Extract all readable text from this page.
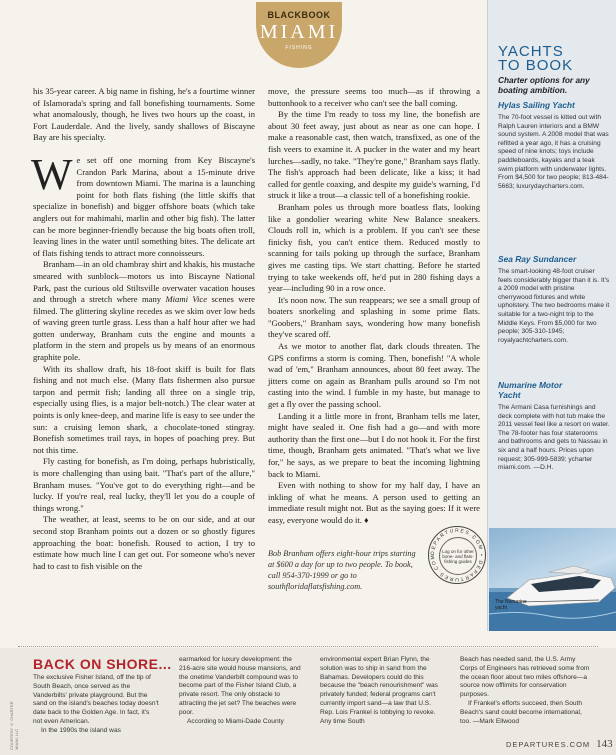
BLACKBOOK
MIAMI
FISHING

his 35-year career. A big name in fishing, he's a fourtime winner of Islamorada's spring and fall bonefishing tournaments. Some what anomalously, though, he lives two hours up the coast, in Fort Lauderdale. And the lively, sandy shallows of Biscayne Bay are his specialty.

We set off one morning from Key Biscayne's Crandon Park Marina, about a 15-minute drive from downtown Miami. The marina is a launching point for both flats fishing (the little skiffs that specialize in bonefish) and bigger offshore boats (which take anglers out for mahimahi, marlin and other big fish). The latter can be more beginner-friendly because the big boats often troll, leaving lines in the water until something bites. The delicate art of flats fishing tends to attract more connoisseurs.

Branham—in an old chambray shirt and khakis, his mustache smeared with sunblock—motors us into Biscayne National Park, past the curious old Stiltsville overwater vacation houses and through a stretch where many Miami Vice scenes were filmed. The glittering skyline recedes as we skim over low beds of waving green turtle grass. Less than a half hour after we had gotten underway, Branham cuts the engine and mounts a platform in the stern and propels us by means of an enormous graphite pole.

With its shallow draft, his 18-foot skiff is built for flats fishing and not much else. (Many flats fishermen also pursue tarpon and permit fish; landing all three on a single trip, especially using flies, is a major belt-notch.) The clear water at points is only knee-deep, and marine life is easy to see under the sun: a cruising lemon shark, a chocolate-toned stingray. Bonefish sometimes trail rays, in hopes of poaching prey. But not this time.

Fly casting for bonefish, as I'm doing, perhaps hubristically, is more challenging than using bait. "That's part of the allure," Branham muses. "You've got to do everything right—and be lucky. If you're real, real lucky, they'll let you do a couple of things wrong."

The weather, at least, seems to be on our side, and at our second stop Branham points out a dozen or so ghostly figures approaching the boat: bonefish. Roused to action, I try to estimate how much line I can get out. For someone who's never had to cast to fish visible on the

move, the pressure seems too much—as if throwing a buttonhook to a receiver who can't see the ball coming.

By the time I'm ready to toss my line, the bonefish are about 30 feet away, just about as near as one can hope. I make a reasonable cast, then watch, transfixed, as one of the fish veers to examine it. A pucker in the water and my heart lurches—sadly, no take. "They're gone," Branham says flatly. The fish's approach had been delicate, like a kiss; it had called for gentle coaxing, and despite my guide's warning, I'd struck it like a trout—a classic tell of a bonefishing rookie.

Branham poles us through more boatless flats, looking like a gondolier wearing white New Balance sneakers. Clouds roll in, which is a problem. If you can't see these finicky fish, you can't entice them. Reduced mostly to scanning for tails poking up through the surface, Branham gives me casting tips. We start chatting. Before he started trying to take weekends off, he'd put in 280 fishing days a year—including 90 in a row once.

It's noon now. The sun reappears; we see a small group of boaters snorkeling and splashing in some prime flats. "Goobers," Branham says, wondering how many bonefish they've scared off.

As we motor to another flat, dark clouds threaten. The GPS confirms a storm is coming. Then, bonefish! "A whole wad of 'em," Branham announces, about 80 feet away. The jitters come on again as Branham pulls around so I'm not casting into the wind. I fumble in my haste, but manage to get a fly over the passing school.

Landing it a little more in front, Branham tells me later, might have sealed it. One fish had a go—and with more authority than the first one—but I do not hook it. For the first time, though, Branham gets animated. "That's what we live for," he says, as we prepare to beat the incoming lightning back to Miami.

Even with nothing to show for my half day, I have an inkling of what he means. A person used to getting an immediate result might not. But as the saying goes: If it were easy, everyone would do it. ♦

Bob Branham offers eight-hour trips starting at $600 a day for up to two people. To book, call 954-370-1999 or go to southfloridaflatsfishing.com.
DEPARTURES.COM • DEPARTURES.COM
Log on for other bone- and flats-fishing guides
YACHTS
TO BOOK
Charter options for any boating ambition.
Hylas Sailing Yacht
The 70-foot vessel is kitted out with Ralph Lauren interiors and a BMW sound system. A 2008 model that was refitted a year ago, it has a cruising speed of nine knots; toys include paddleboards, kayaks and a teak swim platform with underwater lights. From $4,500 for two people; 813-484-5663; luxurydaycharters.com.
Sea Ray Sundancer
The smart-looking 48-foot cruiser feels considerably bigger than it is. It's a 2009 model with pristine cherrywood fixtures and white upholstery. The two bedrooms make it suitable for a two-night trip to the Middle Keys. From $5,000 for two people; 305-310-1945; royalyachtcharters.com.
Numarine Motor Yacht
The Armani Casa furnishings and deck complete with hot tub make the 2011 vessel feel like a resort on water. The 78-footer has four staterooms and bathrooms and gets to Nassau in six and a half hours. Prices upon request; 305-999-5839; ycharter miami.com. —D.H.
The Numarine yacht
BACK ON SHORE...

The exclusive Fisher Island, off the tip of South Beach, once served as the Vanderbilts' private playground. But the sand on the island's beaches today doesn't date back to the Golden Age. In fact, it's not even American.

In the 1990s the island was

earmarked for luxury development: the 216-acre site would house mansions, and the onetime Vanderbilt compound was to become part of the Fisher Island Club, a private resort. The only obstacle to attracting the jet set? The beaches were poor.

According to Miami-Dade County

environmental expert Brian Flynn, the solution was to ship in sand from the Bahamas. Developers could do this because the "beach renourishment" was privately funded; federal programs can't currently import sand—a law that U.S. Rep. Lois Frankel is lobbying to revoke. Any time South

Beach has needed sand, the U.S. Army Corps of Engineers has retrieved some from the ocean floor about two miles offshore—a source now offlimits for conservation purposes.

If Frankel's efforts succeed, then South Beach's sand could become international, too. —Mark Ellwood

COURTESY © CHARTER MIAMI, LLC	DEPARTURES.COM 143
